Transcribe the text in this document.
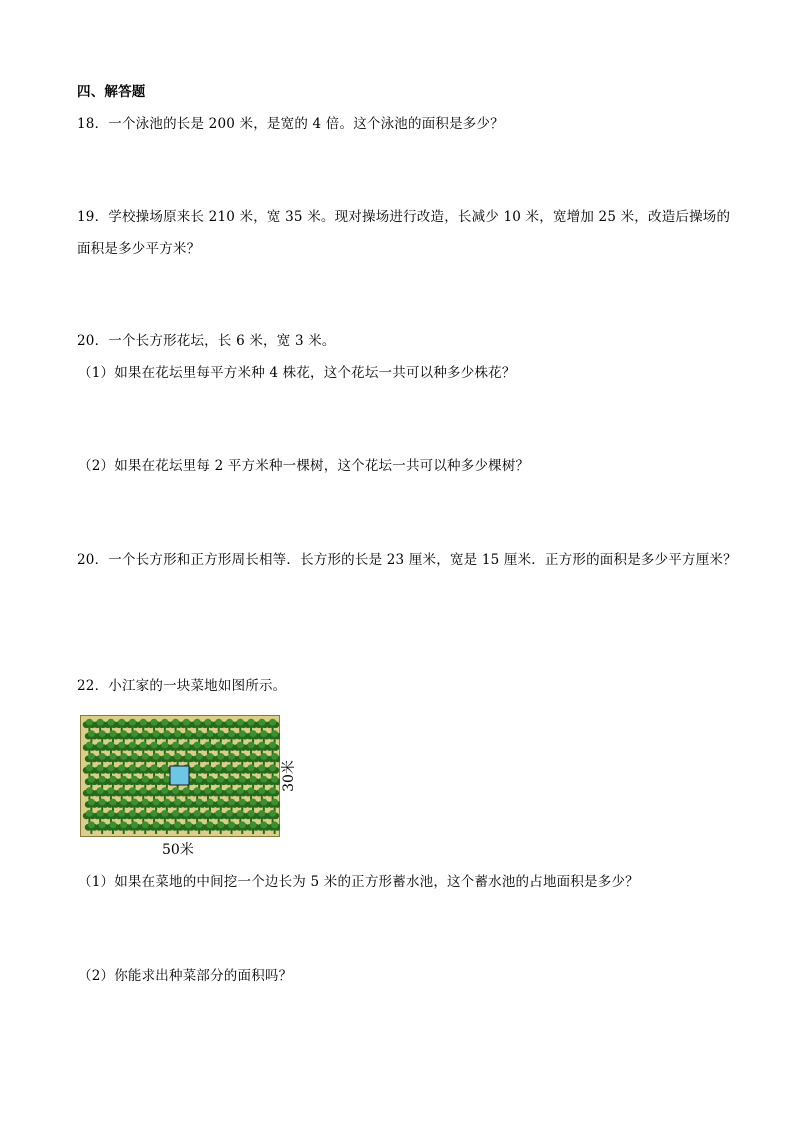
四、解答题
18．一个泳池的长是 200 米，是宽的 4 倍。这个泳池的面积是多少？
19．学校操场原来长 210 米，宽 35 米。现对操场进行改造，长减少 10 米，宽增加 25 米，改造后操场的
面积是多少平方米？
20．一个长方形花坛，长 6 米，宽 3 米。
（1）如果在花坛里每平方米种 4 株花，这个花坛一共可以种多少株花？
（2）如果在花坛里每 2 平方米种一棵树，这个花坛一共可以种多少棵树？
20．一个长方形和正方形周长相等．长方形的长是 23 厘米，宽是 15 厘米．正方形的面积是多少平方厘米？
22．小江家的一块菜地如图所示。
30米
50米
（1）如果在菜地的中间挖一个边长为 5 米的正方形蓄水池，这个蓄水池的占地面积是多少？
（2）你能求出种菜部分的面积吗？
